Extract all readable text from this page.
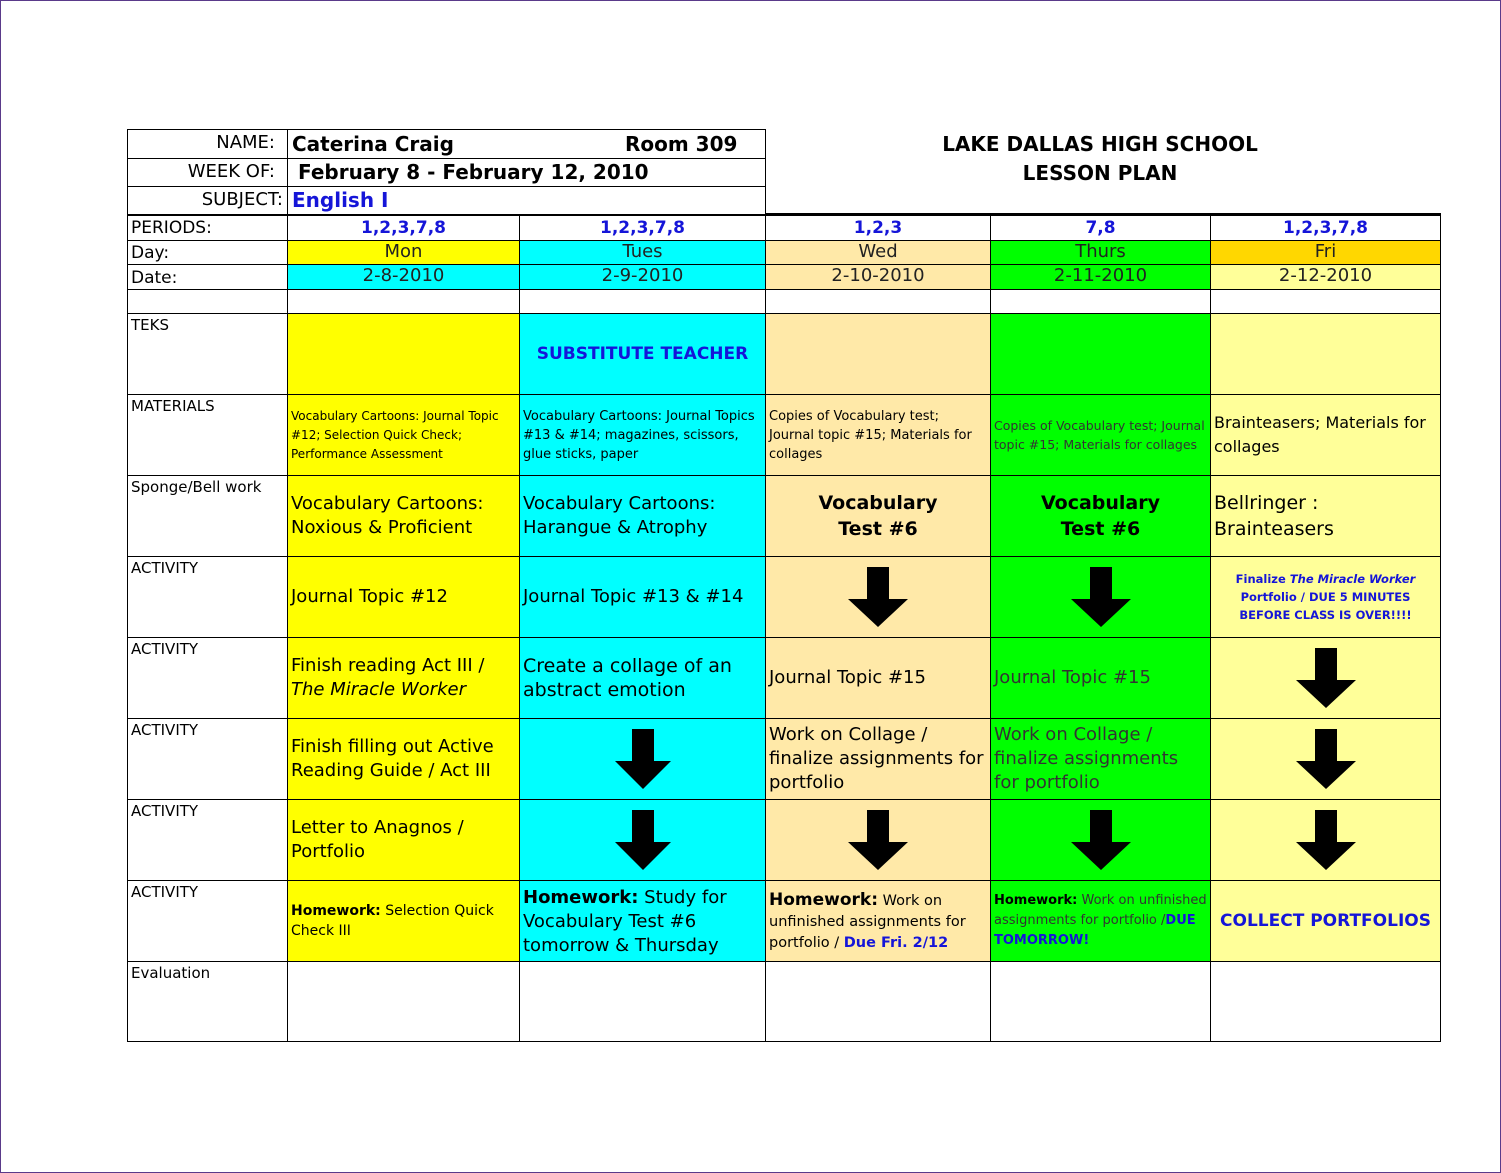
NAME: Caterina Craig	Room 309
WEEK OF:	February 8 - February 12, 2010
SUBJECT: English I
LAKE DALLAS HIGH SCHOOL
LESSON PLAN
PERIODS:
Day:
Date:
TEKS
MATERIALS
Sponge/Bell work
ACTIVITY
ACTIVITY
ACTIVITY
ACTIVITY
ACTIVITY
Evaluation
1,2,3,7,8
Mon
2-8-2010
Vocabulary Cartoons: Journal Topic #12; Selection Quick Check; Performance Assessment
Vocabulary Cartoons:
Noxious & Proficient
Journal Topic #12
Finish reading Act III /
The Miracle Worker
Finish filling out Active Reading Guide / Act III
Letter to Anagnos / Portfolio
Homework: Selection Quick Check III
1,2,3,7,8
Tues
2-9-2010
SUBSTITUTE TEACHER
Vocabulary Cartoons: Journal Topics #13 & #14; magazines, scissors, glue sticks, paper
Vocabulary Cartoons:
Harangue & Atrophy
Journal Topic #13 & #14
Create a collage of an abstract emotion
Homework: Study for Vocabulary Test #6 tomorrow & Thursday
1,2,3
Wed
2-10-2010
Copies of Vocabulary test; Journal topic #15; Materials for collages
Vocabulary
Test #6
Journal Topic #15
Work on Collage / finalize assignments for portfolio
Homework: Work on unfinished assignments for portfolio / Due Fri. 2/12
7,8
Thurs
2-11-2010
Copies of Vocabulary test; Journal topic #15; Materials for collages
Vocabulary
Test #6
Journal Topic #15
Work on Collage / finalize assignments for portfolio
Homework: Work on unfinished assignments for portfolio /DUE TOMORROW!
1,2,3,7,8
Fri
2-12-2010
Brainteasers; Materials for collages
Bellringer :
Brainteasers
Finalize The Miracle Worker Portfolio / DUE 5 MINUTES BEFORE CLASS IS OVER!!!!
COLLECT PORTFOLIOS
